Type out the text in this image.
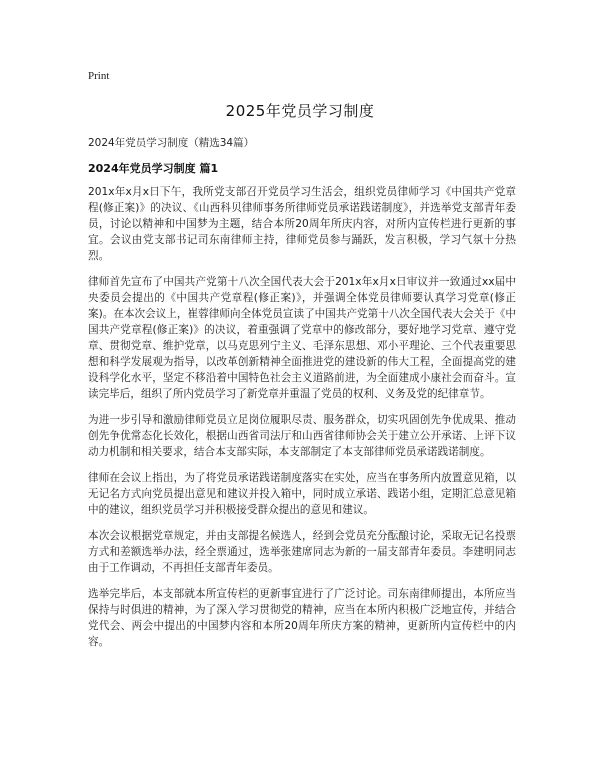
Print
2025年党员学习制度

2024年党员学习制度（精选34篇）

2024年党员学习制度 篇1

201x年x月x日下午，我所党支部召开党员学习生活会，组织党员律师学习《中国共产党章程(修正案)》的决议、《山西科贝律师事务所律师党员承诺践诺制度》，并选举党支部青年委员，讨论以精神和中国梦为主题，结合本所20周年所庆内容，对所内宣传栏进行更新的事宜。会议由党支部书记司东南律师主持，律师党员参与踊跃，发言积极，学习气氛十分热烈。

律师首先宣布了中国共产党第十八次全国代表大会于201x年x月x日审议并一致通过xx届中央委员会提出的《中国共产党章程(修正案)》，并强调全体党员律师要认真学习党章(修正案)。在本次会议上，崔蓉律师向全体党员宣读了中国共产党第十八次全国代表大会关于《中国共产党章程(修正案)》的决议，着重强调了党章中的修改部分，要好地学习党章、遵守党章、贯彻党章、维护党章，以马克思列宁主义、毛泽东思想、邓小平理论、三个代表重要思想和科学发展观为指导，以改革创新精神全面推进党的建设新的伟大工程，全面提高党的建设科学化水平，坚定不移沿着中国特色社会主义道路前进，为全面建成小康社会而奋斗。宣读完毕后，组织了所内党员学习了新党章并重温了党员的权利、义务及党的纪律章节。

为进一步引导和激励律师党员立足岗位履职尽责、服务群众，切实巩固创先争优成果、推动创先争优常态化长效化，根据山西省司法厅和山西省律师协会关于建立公开承诺、上评下议动力机制和相关要求，结合本支部实际，本支部制定了本支部律师党员承诺践诺制度。

律师在会议上指出，为了将党员承诺践诺制度落实在实处，应当在事务所内放置意见箱，以无记名方式向党员提出意见和建议并投入箱中，同时成立承诺、践诺小组，定期汇总意见箱中的建议，组织党员学习并积极接受群众提出的意见和建议。

本次会议根据党章规定，并由支部提名候选人，经到会党员充分酝酿讨论，采取无记名投票方式和差额选举办法，经全票通过，选举张建席同志为新的一届支部青年委员。李建明同志由于工作调动，不再担任支部青年委员。

选举完毕后，本支部就本所宣传栏的更新事宜进行了广泛讨论。司东南律师提出，本所应当保持与时俱进的精神，为了深入学习贯彻党的精神，应当在本所内积极广泛地宣传，并结合党代会、两会中提出的中国梦内容和本所20周年所庆方案的精神，更新所内宣传栏中的内容。
